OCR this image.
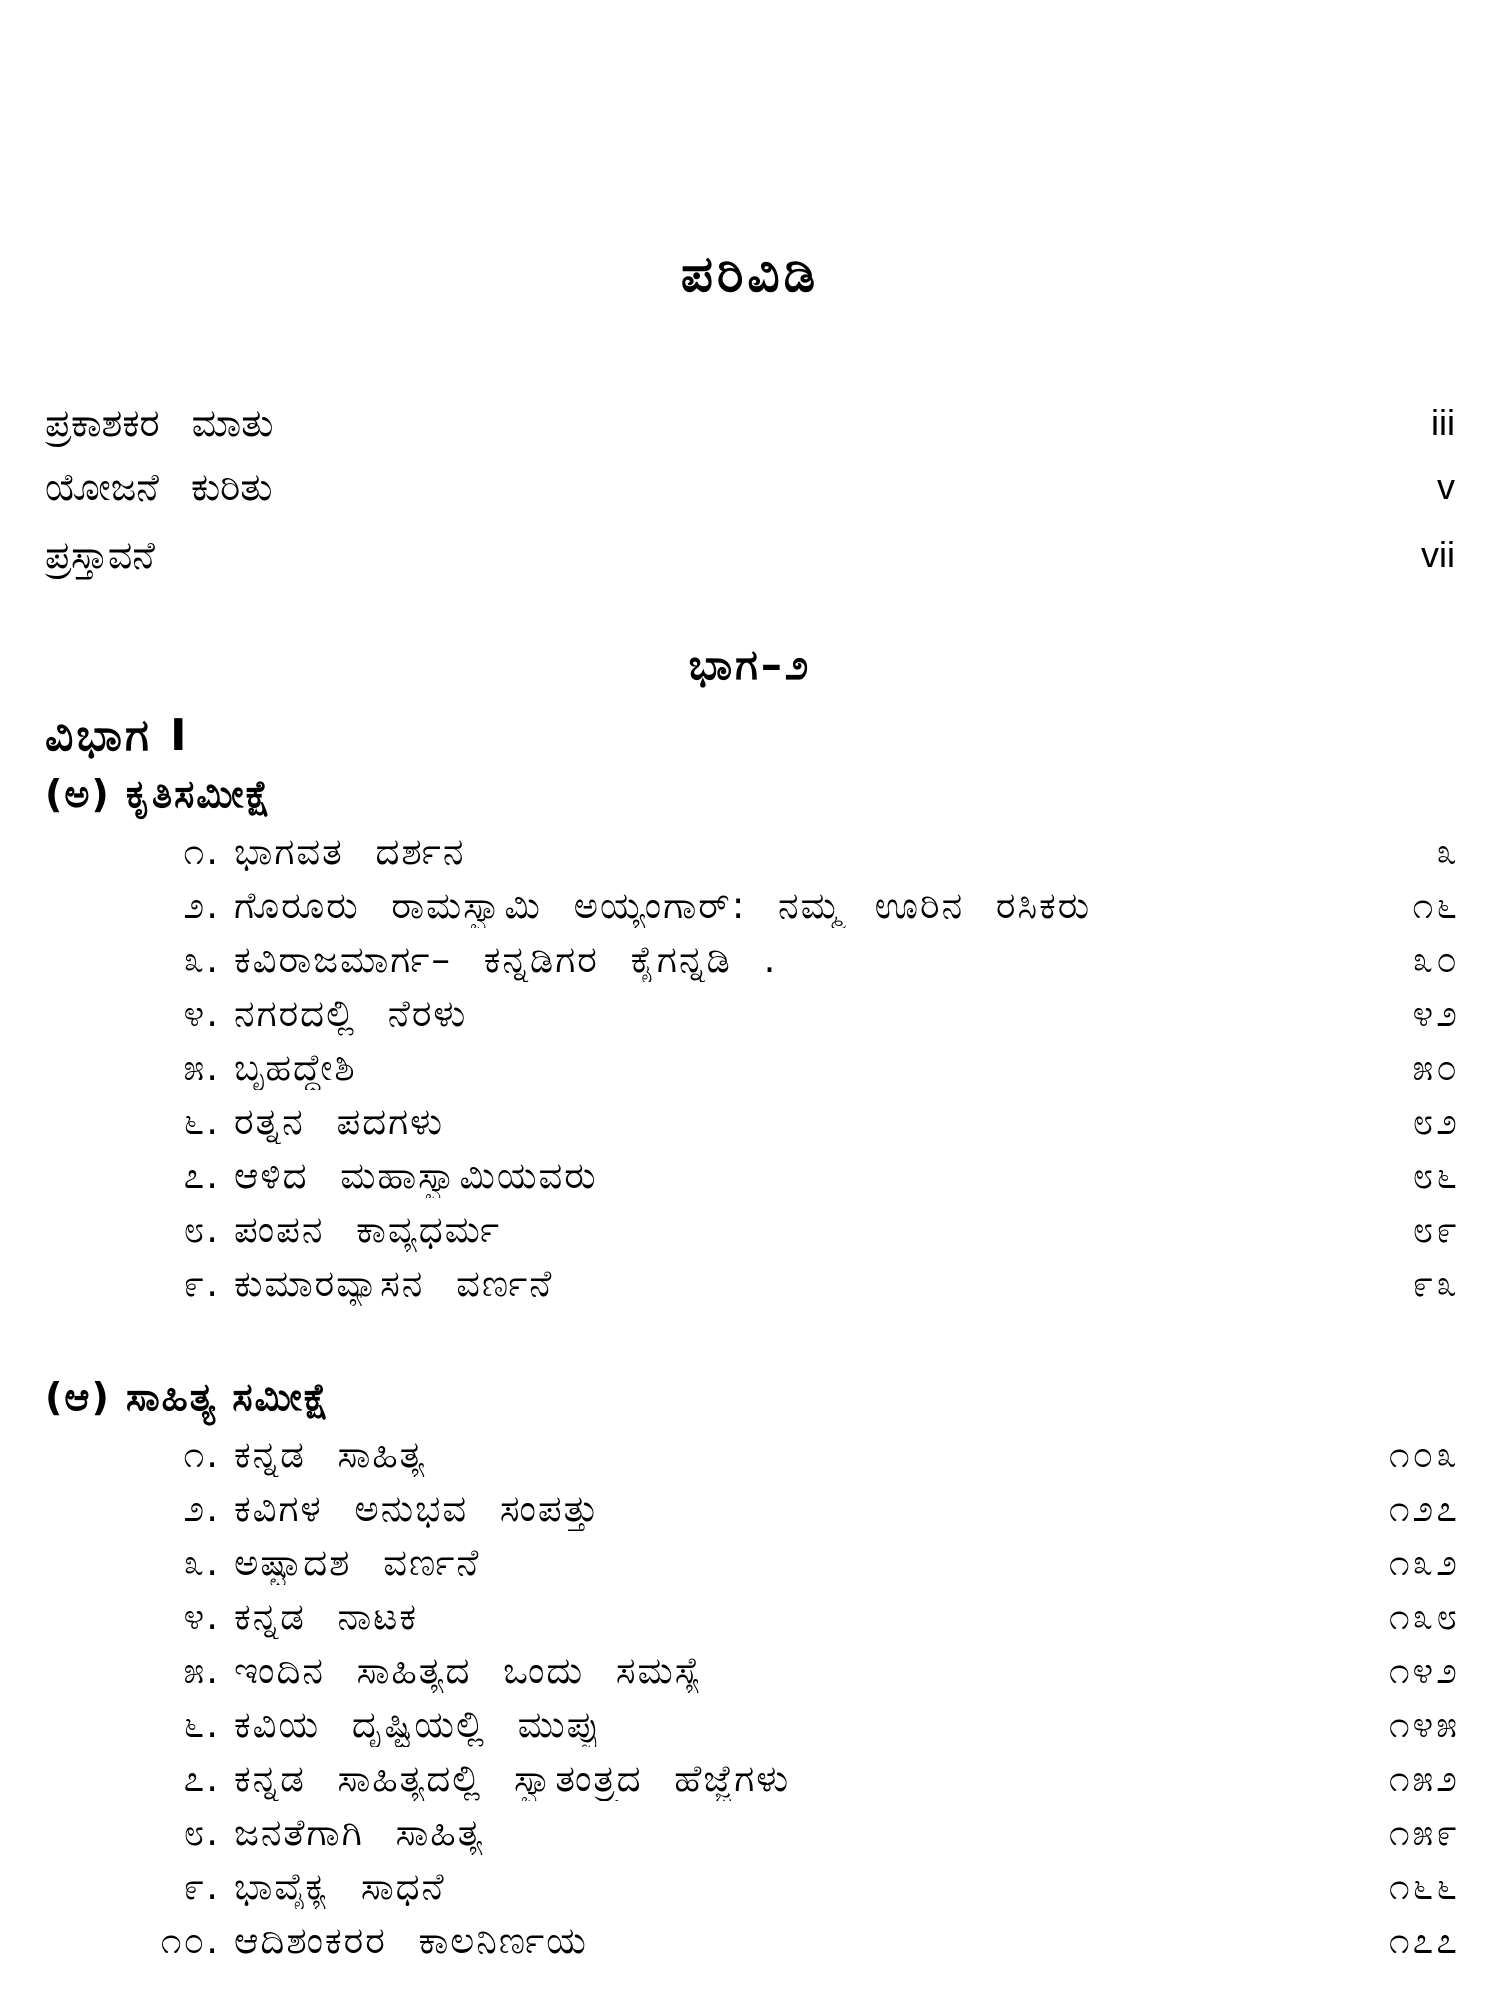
ಪರಿವಿಡಿ
ಪ್ರಕಾಶಕರ ಮಾತು	iii
ಯೋಜನೆ ಕುರಿತು	v
ಪ್ರಸ್ತಾವನೆ	vii
ಭಾಗ–೨
ವಿಭಾಗ I
(ಅ) ಕೃತಿಸಮೀಕ್ಷೆ
೧. ಭಾಗವತ ದರ್ಶನ	೩
೨. ಗೊರೂರು ರಾಮಸ್ವಾಮಿ ಅಯ್ಯಂಗಾರ್: ನಮ್ಮ ಊರಿನ ರಸಿಕರು	೧೬
೩. ಕವಿರಾಜಮಾರ್ಗ– ಕನ್ನಡಿಗರ ಕೈಗನ್ನಡಿ .	೩೦
೪. ನಗರದಲ್ಲಿ ನೆರಳು	೪೨
೫. ಬೃಹದ್ದೇಶಿ	೫೦
೬. ರತ್ನನ ಪದಗಳು	೮೨
೭. ಆಳಿದ ಮಹಾಸ್ವಾಮಿಯವರು	೮೬
೮. ಪಂಪನ ಕಾವ್ಯಧರ್ಮ	೮೯
೯. ಕುಮಾರವ್ಯಾಸನ ವರ್ಣನೆ	೯೩
(ಆ) ಸಾಹಿತ್ಯ ಸಮೀಕ್ಷೆ
೧. ಕನ್ನಡ ಸಾಹಿತ್ಯ	೧೦೩
೨. ಕವಿಗಳ ಅನುಭವ ಸಂಪತ್ತು	೧೨೭
೩. ಅಷ್ಟಾದಶ ವರ್ಣನೆ	೧೩೨
೪. ಕನ್ನಡ ನಾಟಕ	೧೩೮
೫. ಇಂದಿನ ಸಾಹಿತ್ಯದ ಒಂದು ಸಮಸ್ಯೆ	೧೪೨
೬. ಕವಿಯ ದೃಷ್ಟಿಯಲ್ಲಿ ಮುಪ್ಪು	೧೪೫
೭. ಕನ್ನಡ ಸಾಹಿತ್ಯದಲ್ಲಿ ಸ್ವಾತಂತ್ರ್ಯದ ಹೆಜ್ಜೆಗಳು	೧೫೨
೮. ಜನತೆಗಾಗಿ ಸಾಹಿತ್ಯ	೧೫೯
೯. ಭಾವೈಕ್ಯ ಸಾಧನೆ	೧೬೬
೧೦. ಆದಿಶಂಕರರ ಕಾಲನಿರ್ಣಯ	೧೭೭
